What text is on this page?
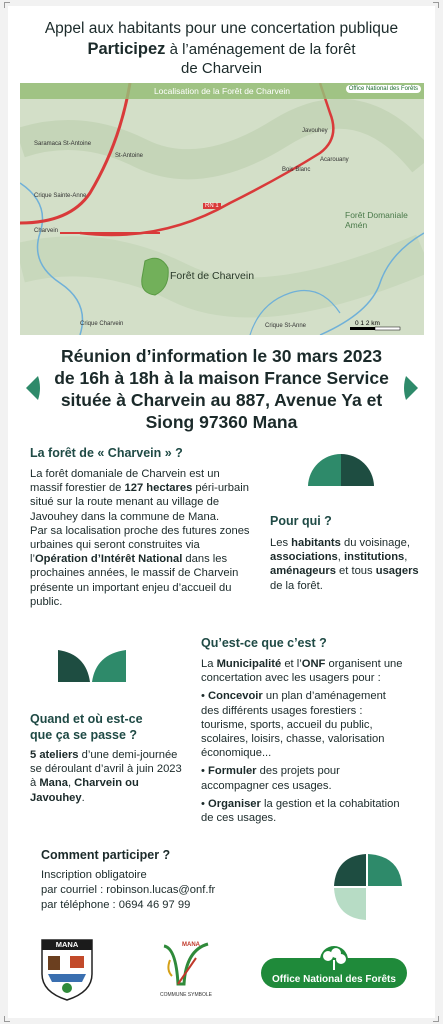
Appel aux habitants pour une concertation publique
Participez à l’aménagement de la forêt
de Charvein
Localisation de la Forêt de Charvein	Office National des Forêts
Saramaca St-Antoine
St-Antoine
Charvein
Javouhey
Bois Blanc
Acarouany
Crique Sainte-Anne
Crique Charvein	Crique St-Anne
RN 1
Forêt de Charvein
Forêt Domaniale Amén
0 1 2 km
Réunion d’information le 30 mars 2023
de 16h à 18h à la maison France Service
située à Charvein au 887, Avenue Ya et
Siong 97360 Mana
La forêt de « Charvein » ?
La forêt domaniale de Charvein est un massif forestier de 127 hectares péri-urbain situé sur la route menant au village de Javouhey dans la commune de Mana.
Par sa localisation proche des futures zones urbaines qui seront construites via l’Opération d’Intérêt National dans les prochaines années, le massif de Charvein présente un important enjeu d’accueil du public.
Pour qui ?
Les habitants du voisinage, associations, institutions, aménageurs et tous usagers de la forêt.
Qu’est-ce que c’est ?
La Municipalité et l’ONF organisent une concertation avec les usagers pour :
• Concevoir un plan d’aménagement des différents usages forestiers : tourisme, sports, accueil du public, scolaires, loisirs, chasse, valorisation économique...
• Formuler des projets pour accompagner ces usages.
• Organiser la gestion et la cohabitation de ces usages.
Quand et où est-ce
que ça se passe ?
5 ateliers d’une demi-journée se déroulant d’avril à juin 2023 à Mana, Charvein ou Javouhey.
Comment participer ?
Inscription obligatoire
par courriel : robinson.lucas@onf.fr
par téléphone : 0694 46 97 99
MANA	MANA
COMMUNE SYMBOLE
Office National des Forêts
